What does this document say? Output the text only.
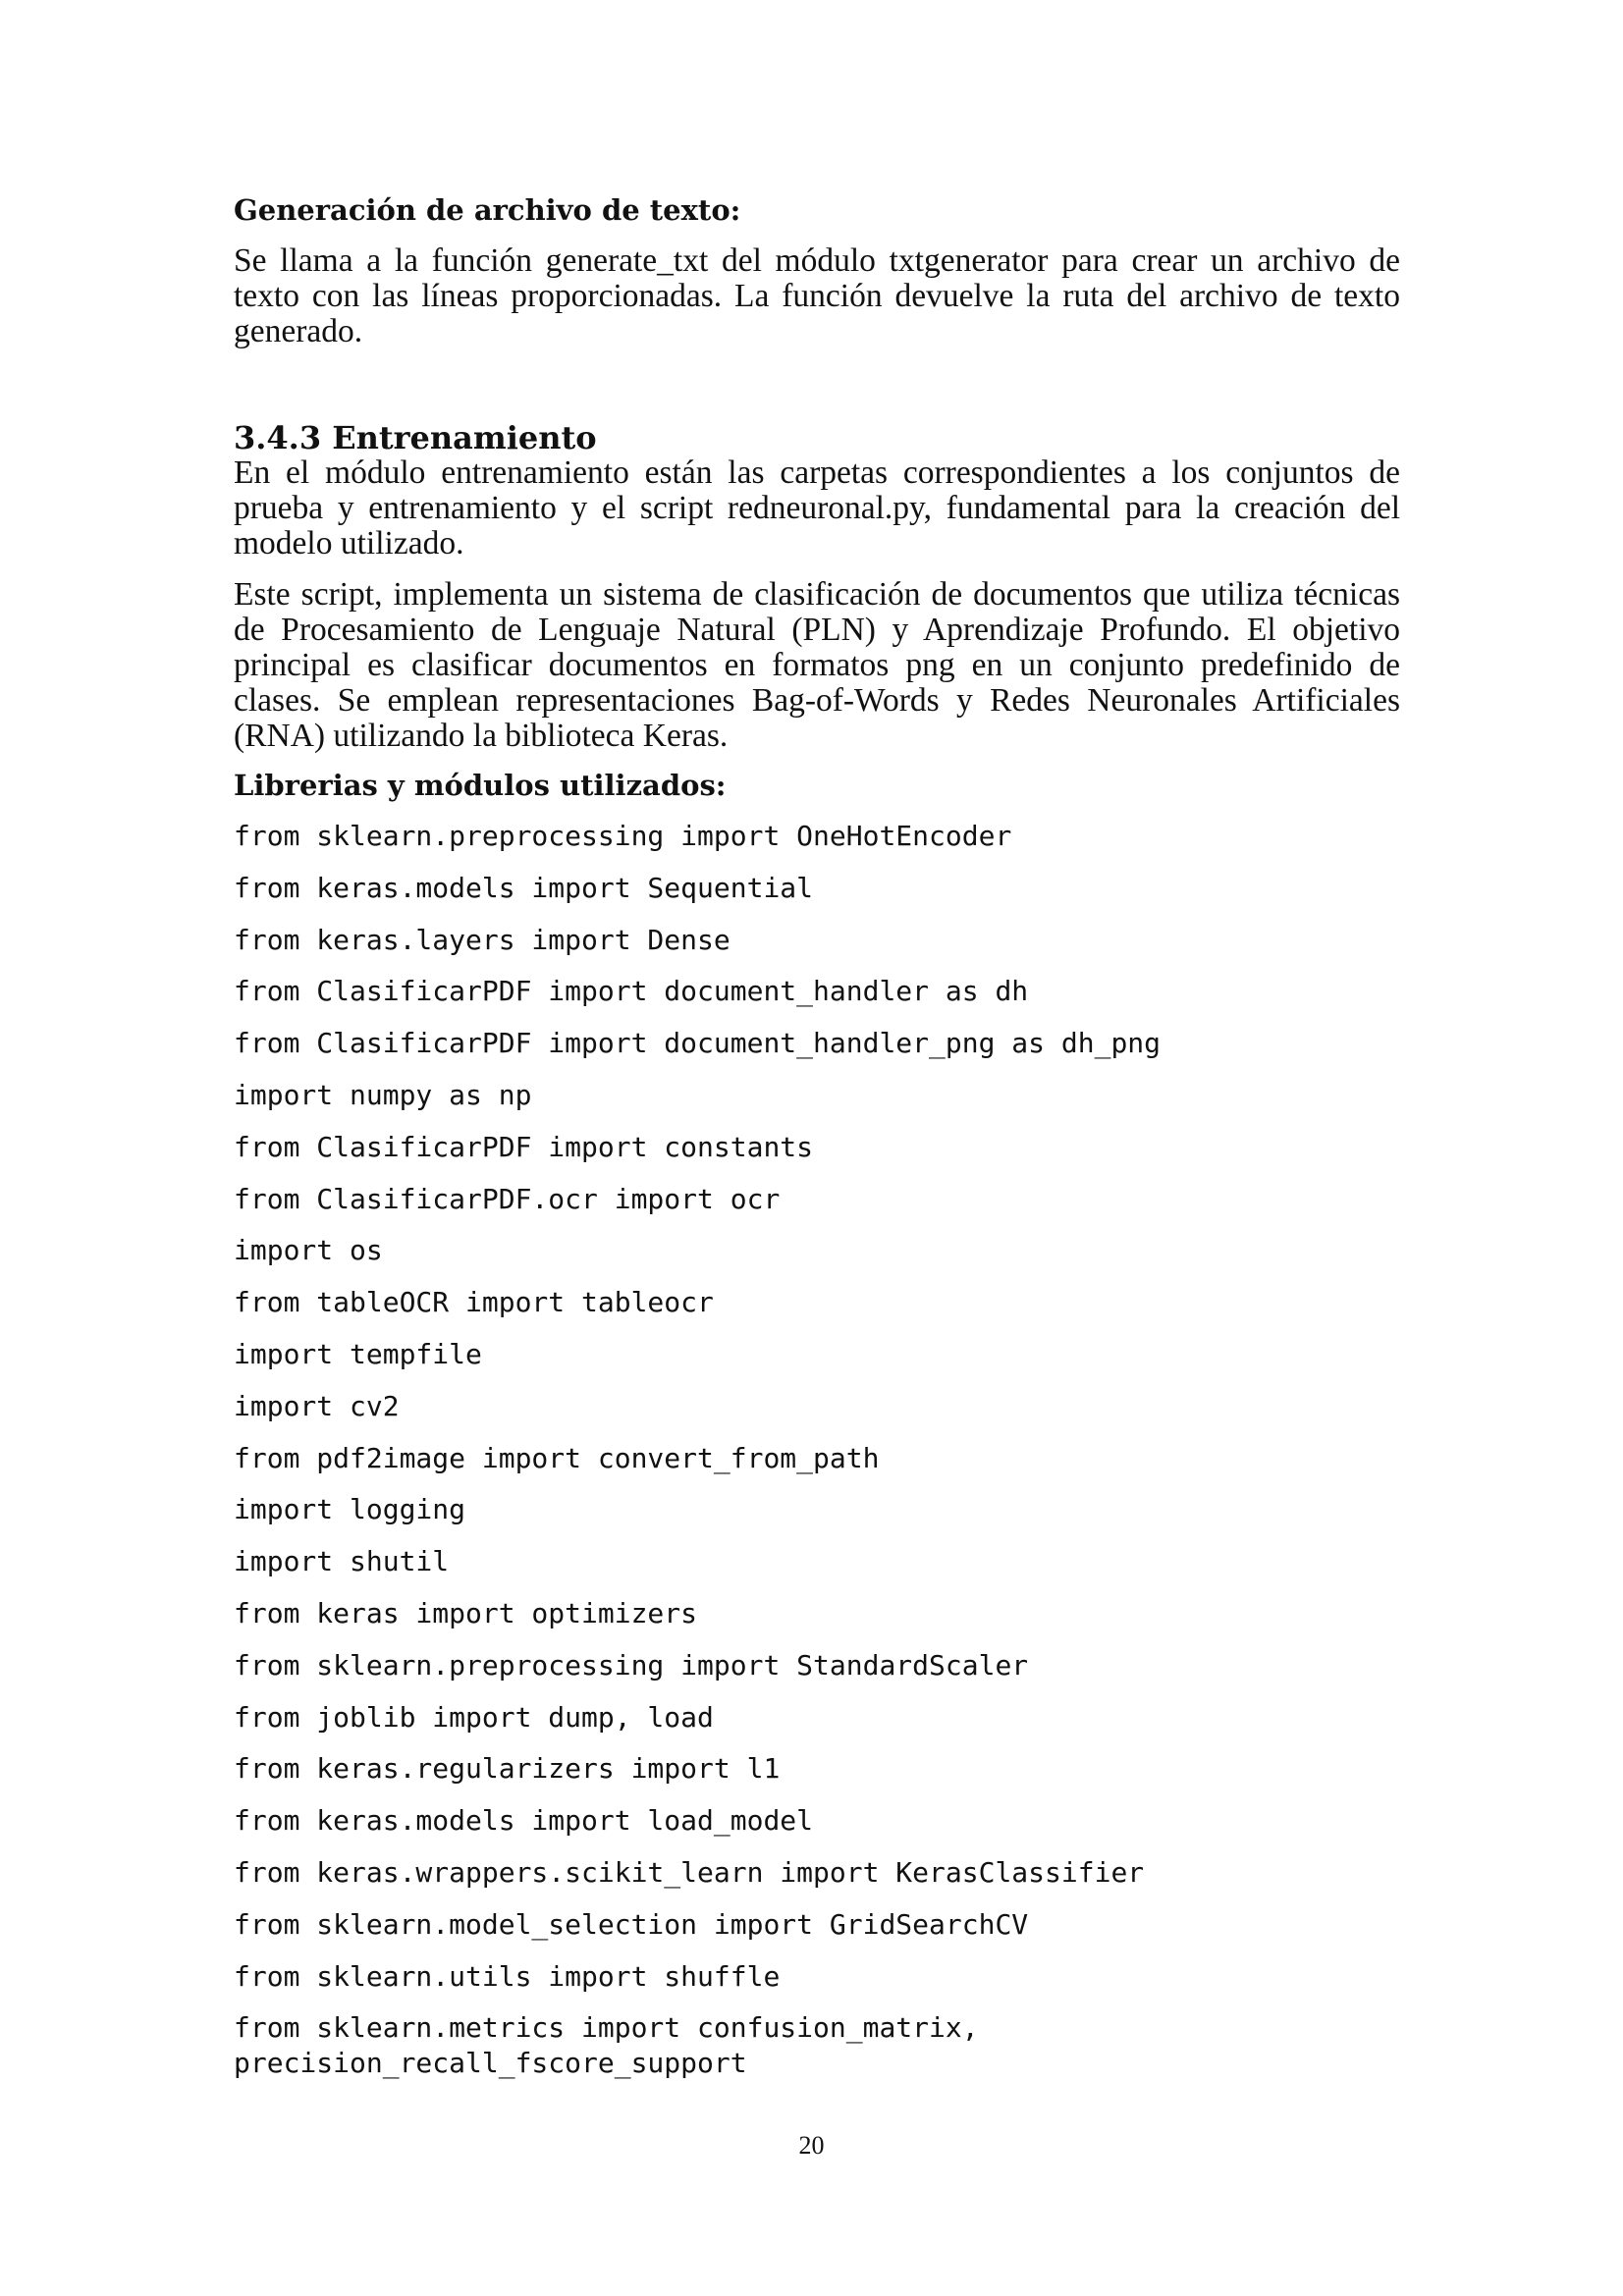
Generación de archivo de texto:

Se llama a la función generate_txt del módulo txtgenerator para crear un archivo de texto con las líneas proporcionadas. La función devuelve la ruta del archivo de texto generado.

3.4.3 Entrenamiento

En el módulo entrenamiento están las carpetas correspondientes a los conjuntos de prueba y entrenamiento y el script redneuronal.py, fundamental para la creación del modelo utilizado.

Este script, implementa un sistema de clasificación de documentos que utiliza técnicas de Procesamiento de Lenguaje Natural (PLN) y Aprendizaje Profundo. El objetivo principal es clasificar documentos en formatos png en un conjunto predefinido de clases. Se emplean representaciones Bag-of-Words y Redes Neuronales Artificiales (RNA) utilizando la biblioteca Keras.

Librerias y módulos utilizados:
from sklearn.preprocessing import OneHotEncoder
from keras.models import Sequential
from keras.layers import Dense
from ClasificarPDF import document_handler as dh
from ClasificarPDF import document_handler_png as dh_png
import numpy as np
from ClasificarPDF import constants
from ClasificarPDF.ocr import ocr
import os
from tableOCR import tableocr
import tempfile
import cv2
from pdf2image import convert_from_path
import logging
import shutil
from keras import optimizers
from sklearn.preprocessing import StandardScaler
from joblib import dump, load
from keras.regularizers import l1
from keras.models import load_model
from keras.wrappers.scikit_learn import KerasClassifier
from sklearn.model_selection import GridSearchCV
from sklearn.utils import shuffle
from sklearn.metrics import confusion_matrix, precision_recall_fscore_support
20
